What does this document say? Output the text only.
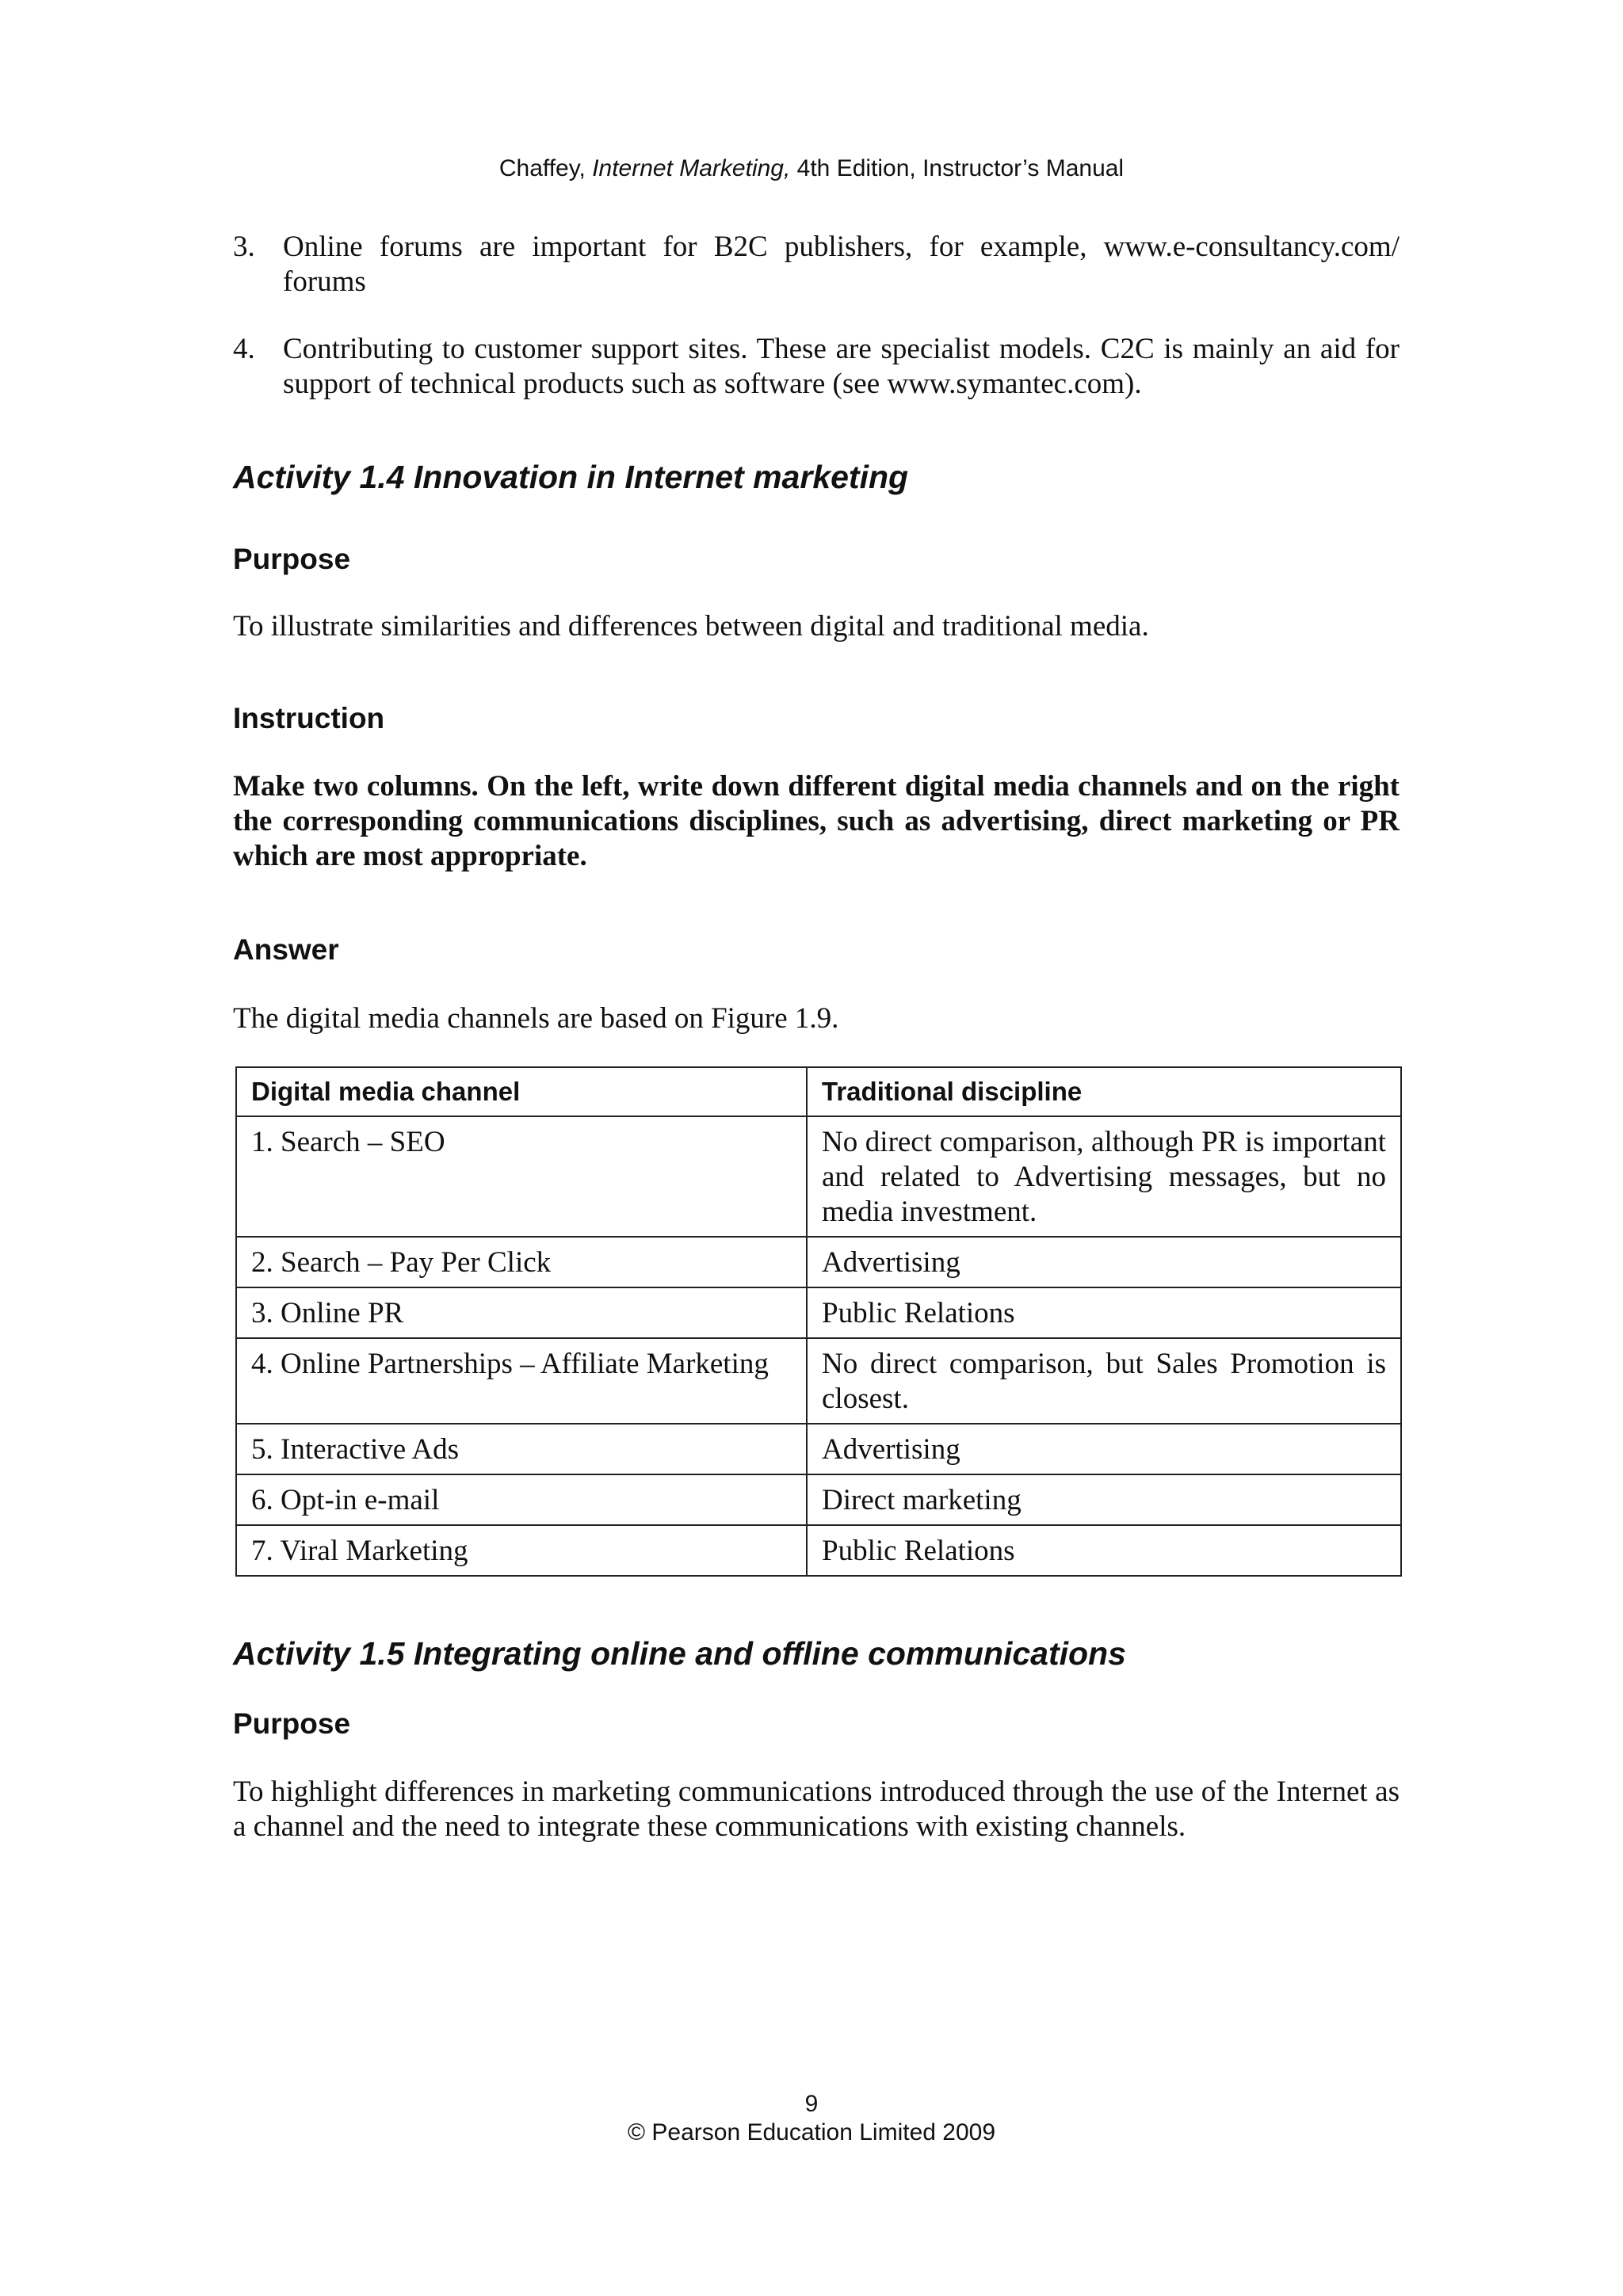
Chaffey, Internet Marketing, 4th Edition, Instructor’s Manual
3. Online forums are important for B2C publishers, for example, www.e-consultancy.com/ forums
4. Contributing to customer support sites. These are specialist models. C2C is mainly an aid for support of technical products such as software (see www.symantec.com).
Activity 1.4 Innovation in Internet marketing
Purpose

To illustrate similarities and differences between digital and traditional media.

Instruction

Make two columns. On the left, write down different digital media channels and on the right the corresponding communications disciplines, such as advertising, direct marketing or PR which are most appropriate.

Answer

The digital media channels are based on Figure 1.9.

Digital media channel	Traditional discipline
1. Search – SEO	No direct comparison, although PR is important and related to Advertising messages, but no media investment.
2. Search – Pay Per Click	Advertising
3. Online PR	Public Relations
4. Online Partnerships – Affiliate Marketing	No direct comparison, but Sales Promotion is closest.
5. Interactive Ads	Advertising
6. Opt-in e-mail	Direct marketing
7. Viral Marketing	Public Relations
Activity 1.5 Integrating online and offline communications
Purpose

To highlight differences in marketing communications introduced through the use of the Internet as a channel and the need to integrate these communications with existing channels.

9
© Pearson Education Limited 2009
